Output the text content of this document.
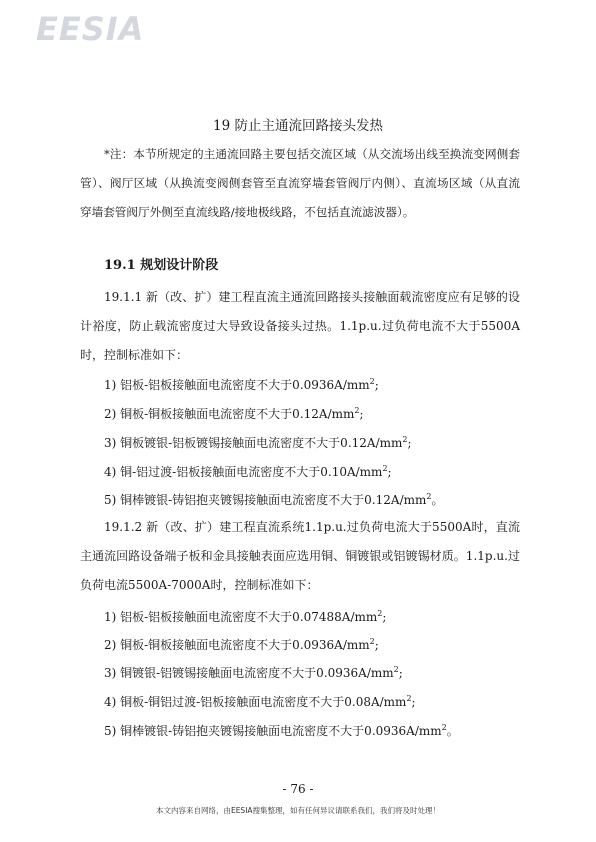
EESIA
19 防止主通流回路接头发热
*注：本节所规定的主通流回路主要包括交流区域（从交流场出线至换流变网侧套管）、阀厅区域（从换流变阀侧套管至直流穿墙套管阀厅内侧）、直流场区域（从直流穿墙套管阀厅外侧至直流线路/接地极线路，不包括直流滤波器）。
19.1 规划设计阶段
19.1.1 新（改、扩）建工程直流主通流回路接头接触面载流密度应有足够的设计裕度，防止载流密度过大导致设备接头过热。1.1p.u.过负荷电流不大于5500A时，控制标准如下：
1) 铝板-铝板接触面电流密度不大于$0.0936A/mm^2$;
2) 铜板-铜板接触面电流密度不大于$0.12A/mm^2$;
3) 铜板镀银-铝板镀锡接触面电流密度不大于$0.12A/mm^2$;
4) 铜-铝过渡-铝板接触面电流密度不大于$0.10A/mm^2$;
5) 铜棒镀银-铸铝抱夹镀锡接触面电流密度不大于$0.12A/mm^2$。
19.1.2 新（改、扩）建工程直流系统1.1p.u.过负荷电流大于5500A时，直流主通流回路设备端子板和金具接触表面应选用铜、铜镀银或铝镀锡材质。1.1p.u.过负荷电流5500A-7000A时，控制标准如下：
1) 铝板-铝板接触面电流密度不大于$0.07488A/mm^2$;
2) 铜板-铜板接触面电流密度不大于$0.0936A/mm^2$;
3) 铜镀银-铝镀锡接触面电流密度不大于$0.0936A/mm^2$;
4) 铜板-铜铝过渡-铝板接触面电流密度不大于$0.08A/mm^2$;
5) 铜棒镀银-铸铝抱夹镀锡接触面电流密度不大于$0.0936A/mm^2$。
- 76 -
本文内容来自网络，由EESIA搜集整理，如有任何异议请联系我们，我们将及时处理！
